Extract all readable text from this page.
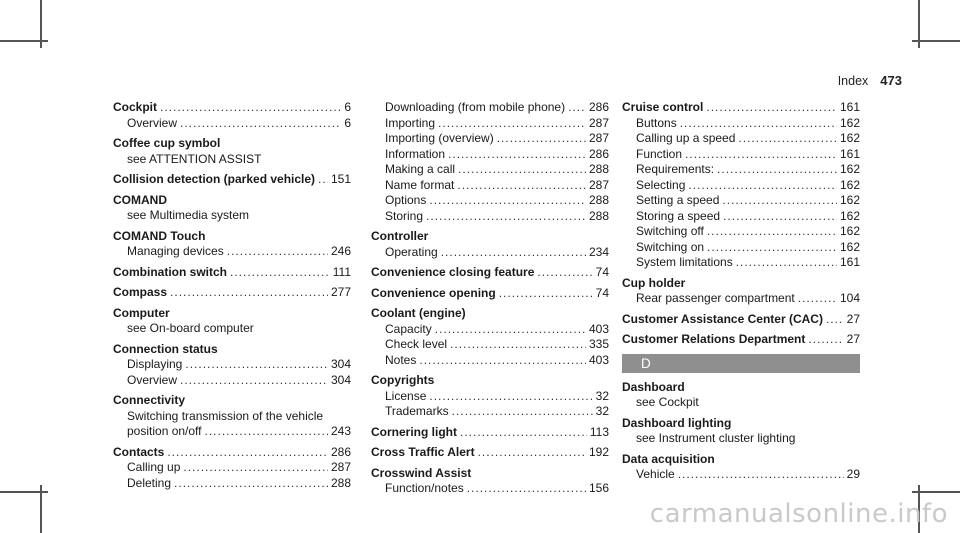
Index 473
Cockpit .....	6
Overview .....	6
Coffee cup symbol
see ATTENTION ASSIST
Collision detection (parked vehicle) ..... 151
COMAND
see Multimedia system
COMAND Touch
Managing devices .....	246
Combination switch .....	111
Compass .....	277
Computer
see On-board computer
Connection status
Displaying .....	304
Overview .....	304
Connectivity
Switching transmission of the vehicle
position on/off .....	243
Contacts .....	286
Calling up .....	287
Deleting .....	288
Downloading (from mobile phone) ..... 286
Importing .....	287
Importing (overview) .....	287
Information .....	286
Making a call .....	288
Name format .....	287
Options .....	288
Storing .....	288
Controller
Operating .....	234
Convenience closing feature .....	74
Convenience opening .....	74
Coolant (engine)
Capacity .....	403
Check level .....	335
Notes .....	403
Copyrights
License .....	32
Trademarks .....	32
Cornering light .....	113
Cross Traffic Alert .....	192
Crosswind Assist
Function/notes .....	156
Cruise control .....	161
Buttons .....	162
Calling up a speed .....	162
Function .....	161
Requirements: .....	162
Selecting .....	162
Setting a speed .....	162
Storing a speed .....	162
Switching off .....	162
Switching on .....	162
System limitations .....	161
Cup holder
Rear passenger compartment .....	104
Customer Assistance Center (CAC) ..... 27
Customer Relations Department .....	27
D
Dashboard
see Cockpit
Dashboard lighting
see Instrument cluster lighting
Data acquisition
Vehicle .....	29
carmanualsonline.info
